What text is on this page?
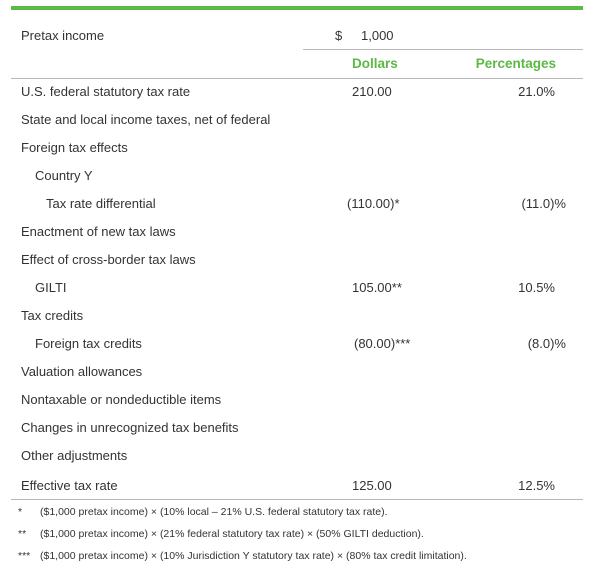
Pretax income	$ 1,000
Dollars	Percentages
U.S. federal statutory tax rate	210.00	21.0%
State and local income taxes, net of federal
Foreign tax effects
Country Y
Tax rate differential	(110.00)*	(11.0)%
Enactment of new tax laws
Effect of cross-border tax laws
GILTI	105.00**	10.5%
Tax credits
Foreign tax credits	(80.00)***	(8.0)%
Valuation allowances
Nontaxable or nondeductible items
Changes in unrecognized tax benefits
Other adjustments
Effective tax rate	125.00	12.5%
* ($1,000 pretax income) × (10% local – 21% U.S. federal statutory tax rate).
** ($1,000 pretax income) × (21% federal statutory tax rate) × (50% GILTI deduction).
*** ($1,000 pretax income) × (10% Jurisdiction Y statutory tax rate) × (80% tax credit limitation).
